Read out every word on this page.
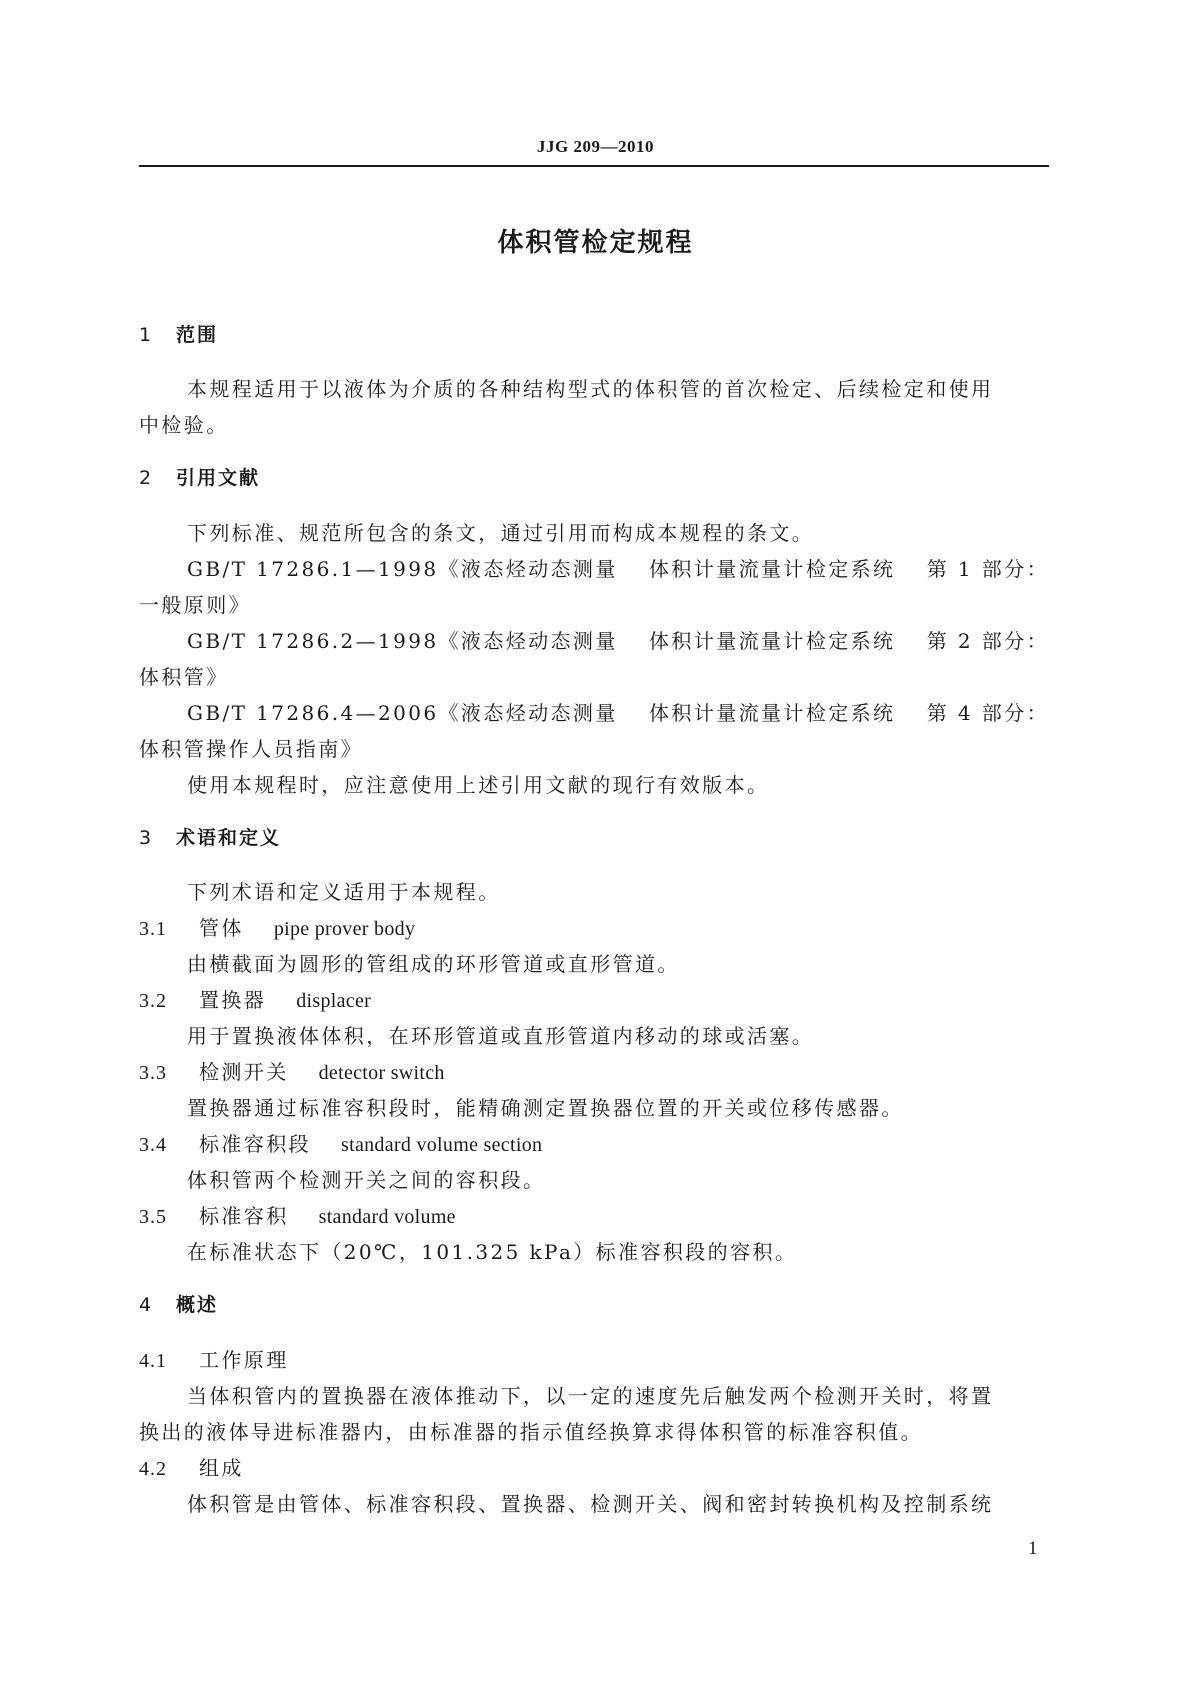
JJG 209—2010
体积管检定规程
1 范围
本规程适用于以液体为介质的各种结构型式的体积管的首次检定、后续检定和使用
中检验。
2 引用文献
下列标准、规范所包含的条文，通过引用而构成本规程的条文。
GB/T 17286.1—1998《液态烃动态测量 体积计量流量计检定系统 第 1 部分：
一般原则》
GB/T 17286.2—1998《液态烃动态测量 体积计量流量计检定系统 第 2 部分：
体积管》
GB/T 17286.4—2006《液态烃动态测量 体积计量流量计检定系统 第 4 部分：
体积管操作人员指南》
使用本规程时，应注意使用上述引用文献的现行有效版本。
3 术语和定义
下列术语和定义适用于本规程。
3.1 管体 pipe prover body
由横截面为圆形的管组成的环形管道或直形管道。
3.2 置换器 displacer
用于置换液体体积，在环形管道或直形管道内移动的球或活塞。
3.3 检测开关 detector switch
置换器通过标准容积段时，能精确测定置换器位置的开关或位移传感器。
3.4 标准容积段 standard volume section
体积管两个检测开关之间的容积段。
3.5 标准容积 standard volume
在标准状态下（20℃，101.325 kPa）标准容积段的容积。
4 概述
4.1 工作原理
当体积管内的置换器在液体推动下，以一定的速度先后触发两个检测开关时，将置
换出的液体导进标准器内，由标准器的指示值经换算求得体积管的标准容积值。
4.2 组成
体积管是由管体、标准容积段、置换器、检测开关、阀和密封转换机构及控制系统
1
